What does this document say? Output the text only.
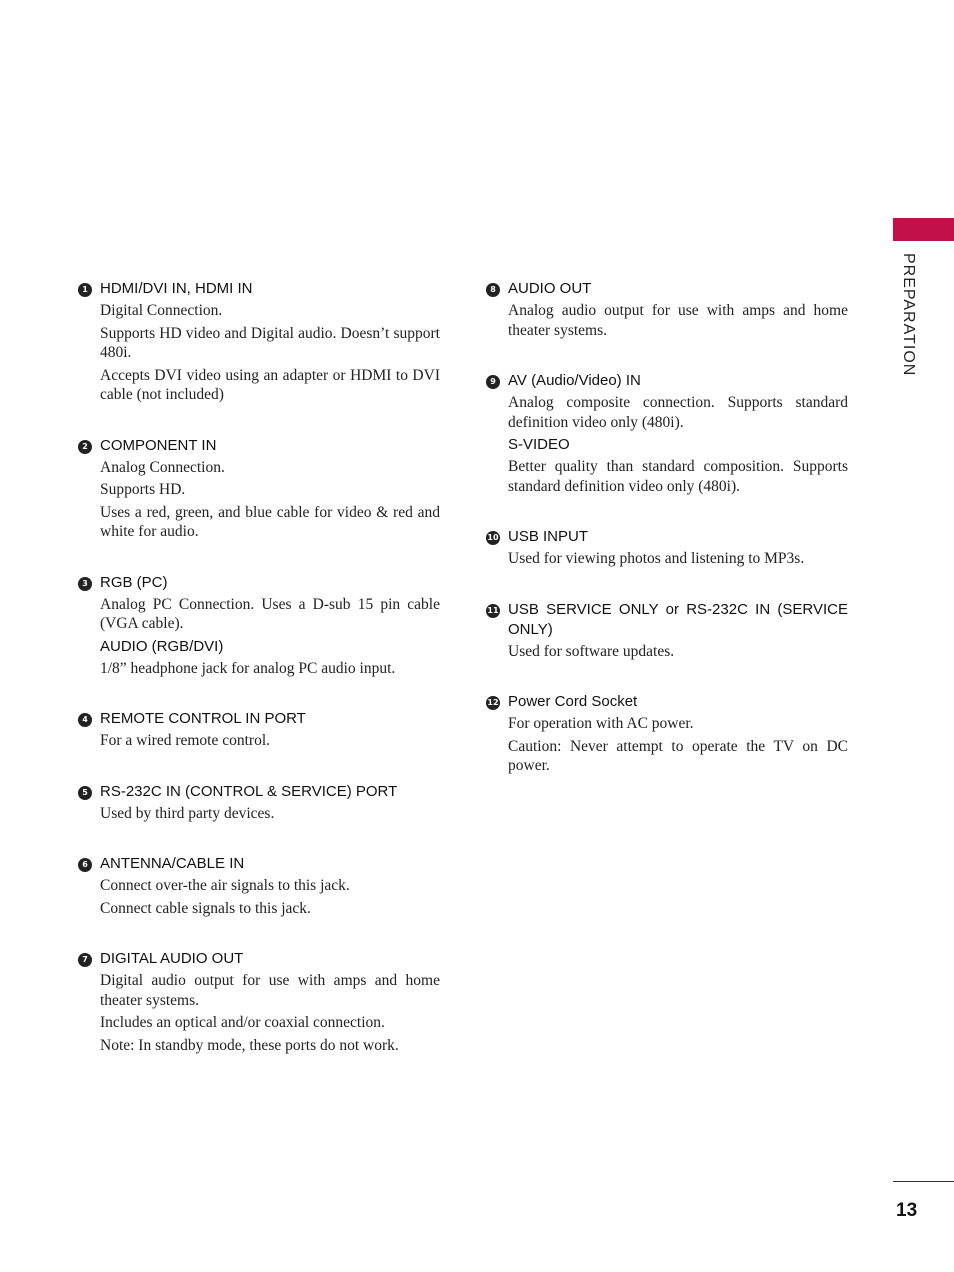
PREPARATION
1 HDMI/DVI IN, HDMI IN

Digital Connection.

Supports HD video and Digital audio. Doesn’t support 480i.

Accepts DVI video using an adapter or HDMI to DVI cable (not included)

2 COMPONENT IN

Analog Connection.

Supports HD.

Uses a red, green, and blue cable for video & red and white for audio.

3 RGB (PC)

Analog PC Connection. Uses a D-sub 15 pin cable (VGA cable).

AUDIO (RGB/DVI)

1/8” headphone jack for analog PC audio input.

4 REMOTE CONTROL IN PORT

For a wired remote control.

5 RS-232C IN (CONTROL & SERVICE) PORT

Used by third party devices.

6 ANTENNA/CABLE IN

Connect over-the air signals to this jack.

Connect cable signals to this jack.

7 DIGITAL AUDIO OUT

Digital audio output for use with amps and home theater systems.

Includes an optical and/or coaxial connection.

Note: In standby mode, these ports do not work.

8 AUDIO OUT

Analog audio output for use with amps and home theater systems.

9 AV (Audio/Video) IN

Analog composite connection. Supports standard definition video only (480i).

S-VIDEO

Better quality than standard composition. Supports standard definition video only (480i).

10 USB INPUT

Used for viewing photos and listening to MP3s.

11 USB SERVICE ONLY or RS-232C IN (SERVICE ONLY)

Used for software updates.

12 Power Cord Socket

For operation with AC power.

Caution: Never attempt to operate the TV on DC power.

13
